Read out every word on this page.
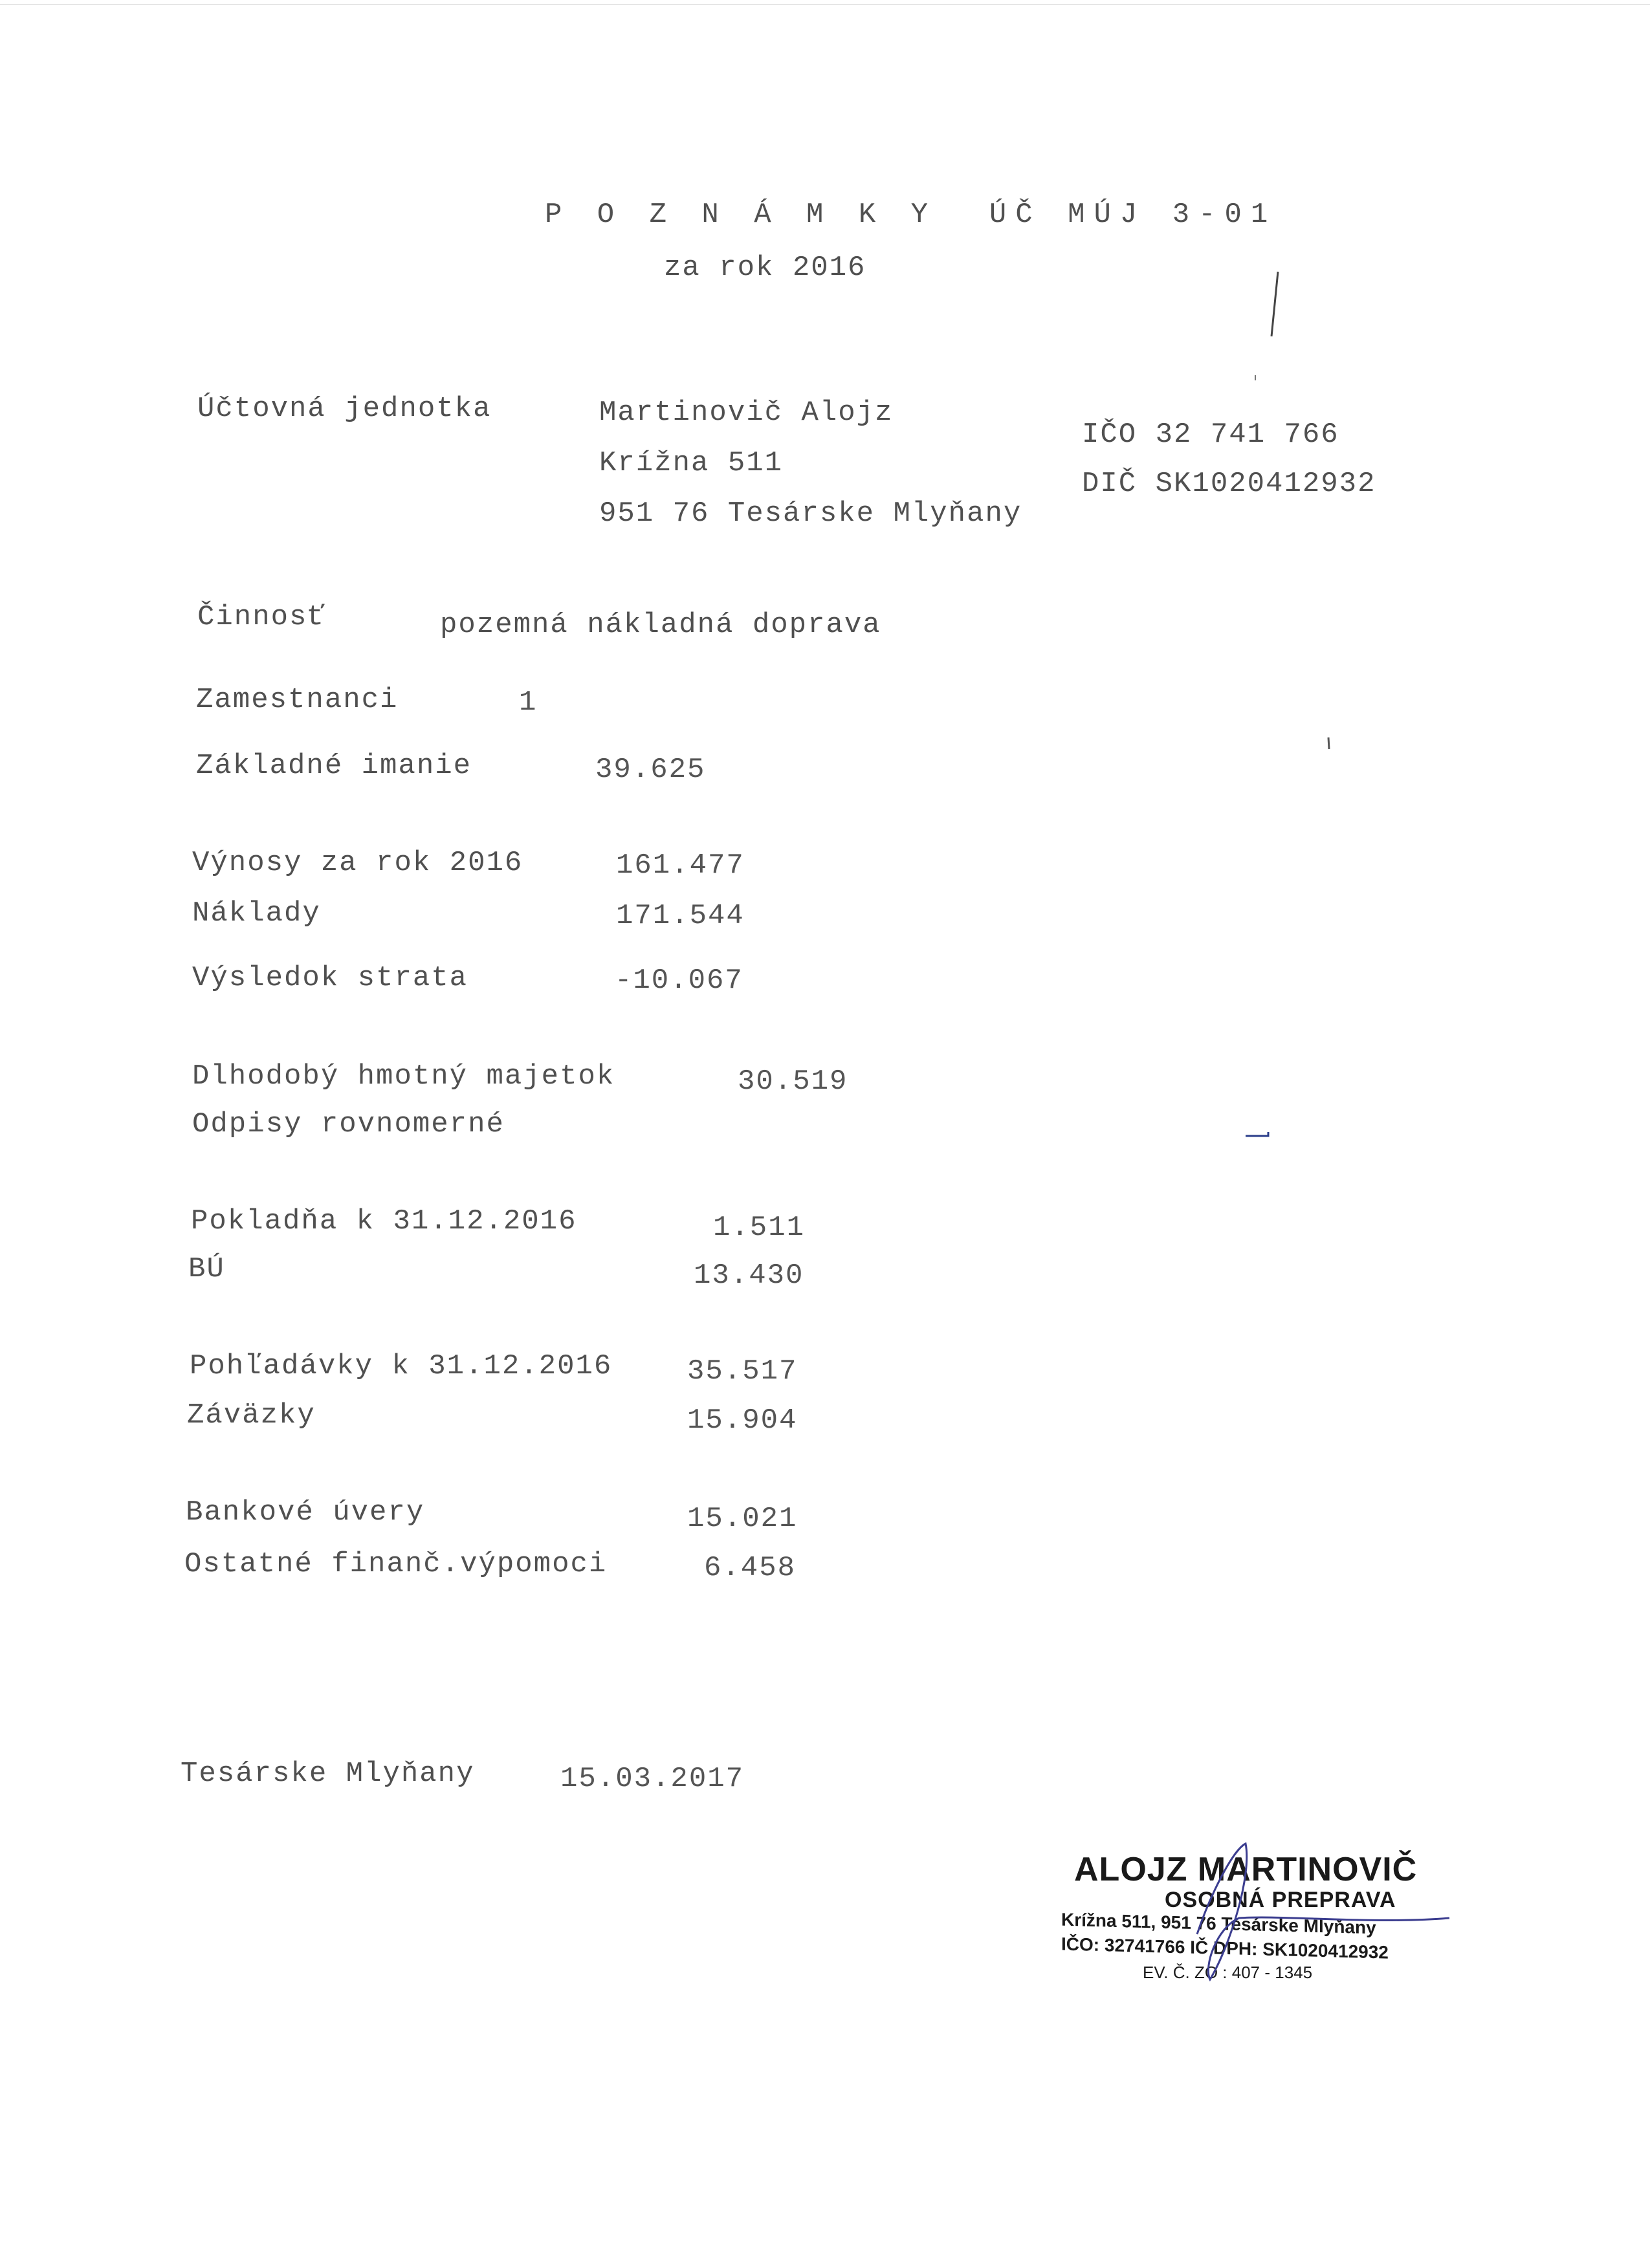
P O Z N Á M K Y  ÚČ MÚJ 3-01
za rok 2016
Účtovná jednotka	Martinovič Alojz
Krížna 511
951 76 Tesárske Mlyňany
IČO 32 741 766
DIČ SK1020412932
Činnosť	pozemná nákladná doprava
Zamestnanci	1
Základné imanie	39.625
Výnosy za rok 2016	161.477
Náklady	171.544
Výsledok strata	-10.067
Dlhodobý hmotný majetok	30.519
Odpisy rovnomerné
Pokladňa k 31.12.2016	1.511
BÚ	13.430
Pohľadávky k 31.12.2016	35.517
Záväzky	15.904
Bankové úvery	15.021
Ostatné finanč.výpomoci	6.458
Tesárske Mlyňany	15.03.2017
ALOJZ MARTINOVIČ
OSOBNÁ PREPRAVA
Krížna 511, 951 76 Tesárske Mlyňany
IČO: 32741766 IČ DPH: SK1020412932
EV. Č. ZO : 407 - 1345
